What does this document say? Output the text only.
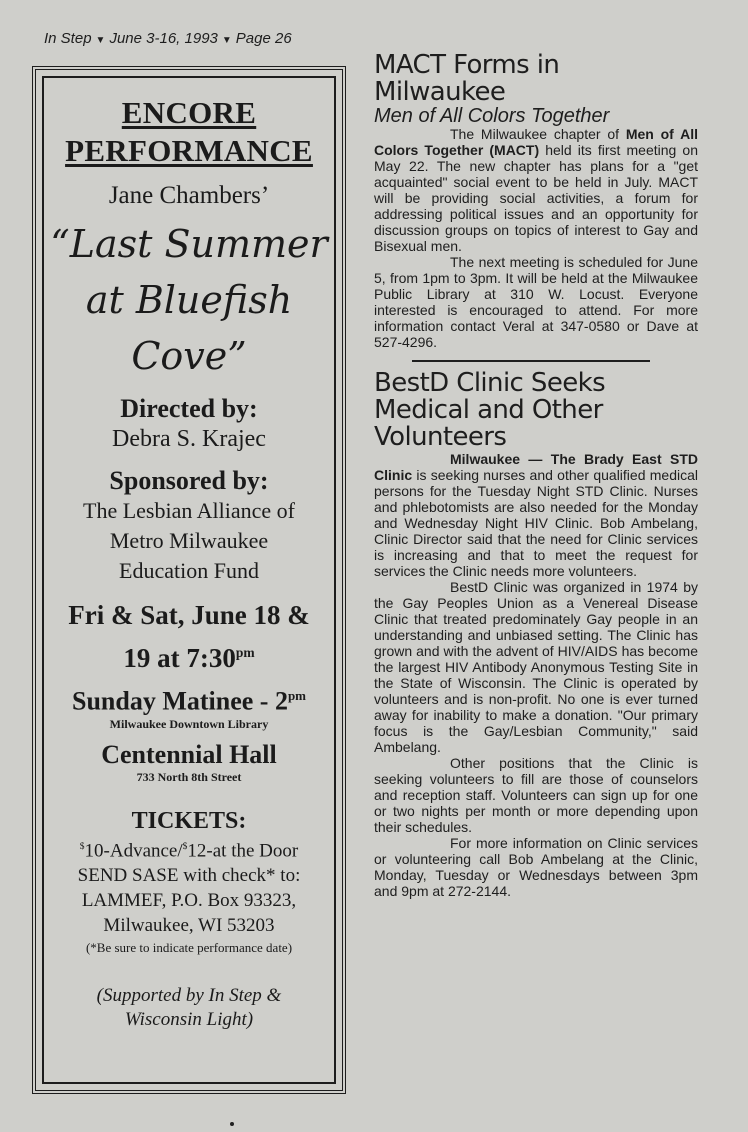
In Step ▼ June 3-16, 1993 ▼ Page 26
ENCORE
PERFORMANCE
Jane Chambers’
“Last Summer
at Bluefish
Cove”
Directed by:
Debra S. Krajec
Sponsored by:
The Lesbian Alliance of
Metro Milwaukee
Education Fund
Fri & Sat, June 18 &
19 at $7:30^{pm}$
Sunday Matinee - $2^{pm}$
Milwaukee Downtown Library
Centennial Hall
733 North 8th Street
TICKETS:
$10-Advance/$12-at the Door
SEND SASE with check* to:
LAMMEF, P.O. Box 93323,
Milwaukee, WI 53203
(*Be sure to indicate performance date)
(Supported by In Step &
Wisconsin Light)
MACT Forms in Milwaukee
Men of All Colors Together

The Milwaukee chapter of Men of All Colors Together (MACT) held its first meeting on May 22. The new chapter has plans for a "get acquainted" social event to be held in July. MACT will be providing social activities, a forum for addressing political issues and an opportunity for discussion groups on topics of interest to Gay and Bisexual men.

The next meeting is scheduled for June 5, from 1pm to 3pm. It will be held at the Milwaukee Public Library at 310 W. Locust. Everyone interested is encouraged to attend. For more information contact Veral at 347-0580 or Dave at 527-4296.

BestD Clinic Seeks Medical and Other Volunteers

Milwaukee — The Brady East STD Clinic is seeking nurses and other qualified medical persons for the Tuesday Night STD Clinic. Nurses and phlebotomists are also needed for the Monday and Wednesday Night HIV Clinic. Bob Ambelang, Clinic Director said that the need for Clinic services is increasing and that to meet the request for services the Clinic needs more volunteers.

BestD Clinic was organized in 1974 by the Gay Peoples Union as a Venereal Disease Clinic that treated predominately Gay people in an understanding and unbiased setting. The Clinic has grown and with the advent of HIV/AIDS has become the largest HIV Antibody Anonymous Testing Site in the State of Wisconsin. The Clinic is operated by volunteers and is non-profit. No one is ever turned away for inability to make a donation. "Our primary focus is the Gay/Lesbian Community," said Ambelang.

Other positions that the Clinic is seeking volunteers to fill are those of counselors and reception staff. Volunteers can sign up for one or two nights per month or more depending upon their schedules.

For more information on Clinic services or volunteering call Bob Ambelang at the Clinic, Monday, Tuesday or Wednesdays between 3pm and 9pm at 272-2144.
